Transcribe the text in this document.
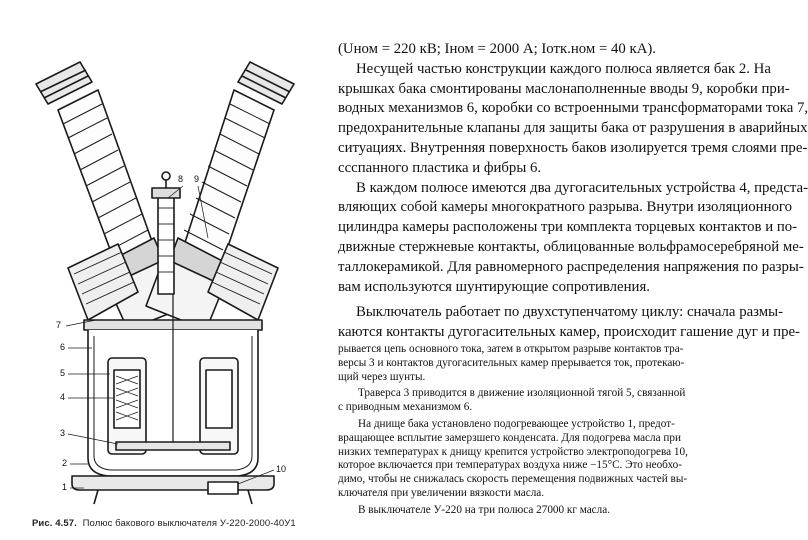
8 9
7
6
5
4
3
2
1
10
Рис. 4.57. Полюс бакового выключателя У-220-2000-40У1
(Uном = 220 кВ; Iном = 2000 А; Iотк.ном = 40 кА).
Несущей частью конструкции каждого полюса является бак 2. На
крышках бака смонтированы маслонаполненные вводы 9, коробки при-
водных механизмов 6, коробки со встроенными трансформаторами тока 7,
предохранительные клапаны для защиты бака от разрушения в аварийных
ситуациях. Внутренняя поверхность баков изолируется тремя слоями пре-
сcспанного пластика и фибры 6.
В каждом полюсе имеются два дугогасительных устройства 4, предста-
вляющих собой камеры многократного разрыва. Внутри изоляционного
цилиндра камеры расположены три комплекта торцевых контактов и по-
движные стержневые контакты, облицованные вольфрамосеребряной ме-
таллокерамикой. Для равномерного распределения напряжения по разры-
вам используются шунтирующие сопротивления.
Выключатель работает по двухступенчатому циклу: сначала размы-
каются контакты дугогасительных камер, происходит гашение дуг и пре-
рывается цепь основного тока, затем в открытом разрыве контактов тра-
версы 3 и контактов дугогасительных камер прерывается ток, протекаю-
щий через шунты.
Траверса 3 приводится в движение изоляционной тягой 5, связанной
с приводным механизмом 6.
На днище бака установлено подогревающее устройство 1, предот-
вращающее всплытие замерзшего конденсата. Для подогрева масла при
низких температурах к днищу крепится устройство электроподогрева 10,
которое включается при температурах воздуха ниже −15°С. Это необхо-
димо, чтобы не снижалась скорость перемещения подвижных частей вы-
ключателя при увеличении вязкости масла.
В выключателе У-220 на три полюса 27000 кг масла.
